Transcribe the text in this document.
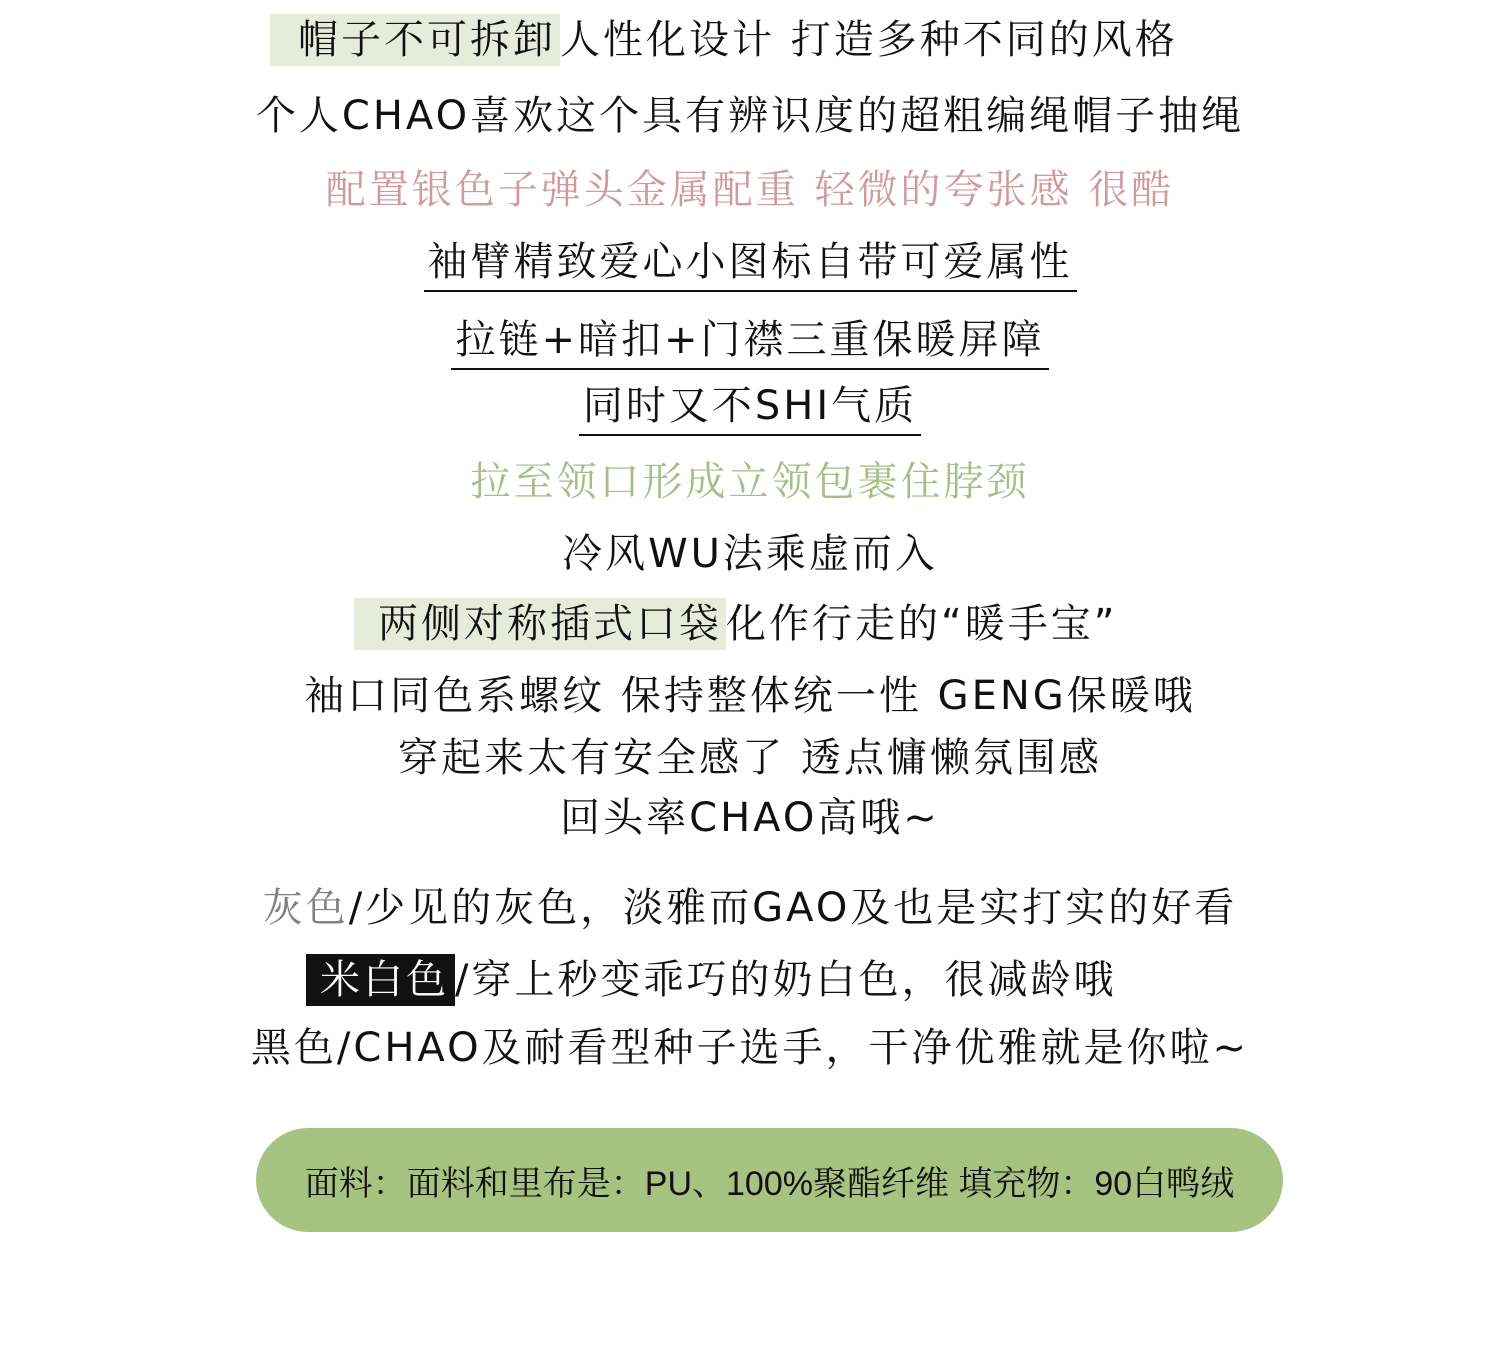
帽子不可拆卸 人性化设计 打造多种不同的风格
个人CHAO喜欢这个具有辨识度的超粗编绳帽子抽绳
配置银色子弹头金属配重 轻微的夸张感 很酷
袖臂精致爱心小图标自带可爱属性
拉链+暗扣+门襟三重保暖屏障
同时又不SHI气质
拉至领口形成立领包裹住脖颈
冷风WU法乘虚而入
两侧对称插式口袋 化作行走的“暖手宝”
袖口同色系螺纹 保持整体统一性 GENG保暖哦
穿起来太有安全感了 透点慵懒氛围感
回头率CHAO高哦~
灰色/少见的灰色，淡雅而GAO及也是实打实的好看
米白色 /穿上秒变乖巧的奶白色，很减龄哦
黑色/CHAO及耐看型种子选手，干净优雅就是你啦~
面料：面料和里布是：PU、100%聚酯纤维 填充物：90白鸭绒
